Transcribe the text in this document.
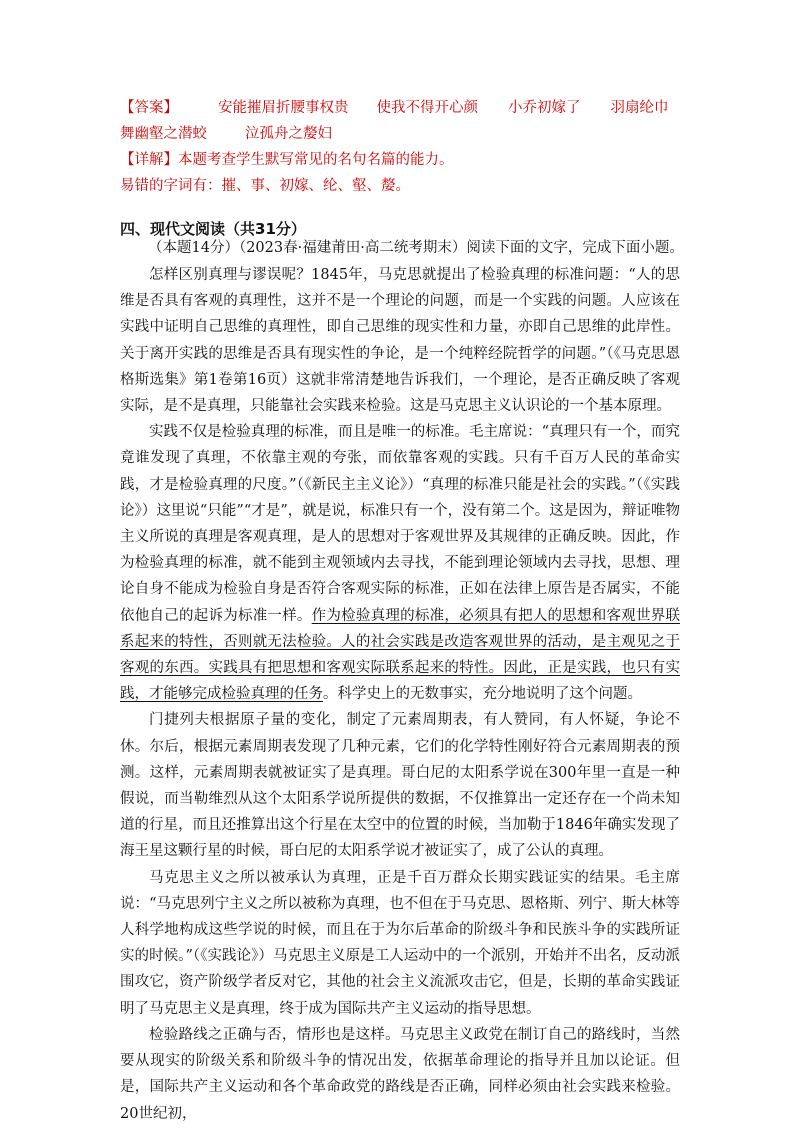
【答案】	安能摧眉折腰事权贵 使我不得开心颜 小乔初嫁了 羽扇纶巾
舞幽壑之潜蛟	泣孤舟之嫠妇
【详解】本题考查学生默写常见的名句名篇的能力。
易错的字词有：摧、事、初嫁、纶、壑、嫠。
四、现代文阅读（共31分）
（本题14分）（2023春·福建莆田·高二统考期末）阅读下面的文字，完成下面小题。

怎样区别真理与谬误呢？1845年，马克思就提出了检验真理的标准问题：“人的思维是否具有客观的真理性，这并不是一个理论的问题，而是一个实践的问题。人应该在实践中证明自己思维的真理性，即自己思维的现实性和力量，亦即自己思维的此岸性。关于离开实践的思维是否具有现实性的争论，是一个纯粹经院哲学的问题。”（《马克思恩格斯选集》第1卷第16页）这就非常清楚地告诉我们，一个理论，是否正确反映了客观实际，是不是真理，只能靠社会实践来检验。这是马克思主义认识论的一个基本原理。

实践不仅是检验真理的标准，而且是唯一的标准。毛主席说：“真理只有一个，而究竟谁发现了真理，不依靠主观的夸张，而依靠客观的实践。只有千百万人民的革命实践，才是检验真理的尺度。”（《新民主主义论》）“真理的标准只能是社会的实践。”（《实践论》）这里说“只能”“才是”，就是说，标准只有一个，没有第二个。这是因为，辩证唯物主义所说的真理是客观真理，是人的思想对于客观世界及其规律的正确反映。因此，作为检验真理的标准，就不能到主观领域内去寻找，不能到理论领域内去寻找，思想、理论自身不能成为检验自身是否符合客观实际的标准，正如在法律上原告是否属实，不能依他自己的起诉为标准一样。作为检验真理的标准，必须具有把人的思想和客观世界联系起来的特性，否则就无法检验。人的社会实践是改造客观世界的活动，是主观见之于客观的东西。实践具有把思想和客观实际联系起来的特性。因此，正是实践，也只有实践，才能够完成检验真理的任务。科学史上的无数事实，充分地说明了这个问题。

门捷列夫根据原子量的变化，制定了元素周期表，有人赞同，有人怀疑，争论不休。尔后，根据元素周期表发现了几种元素，它们的化学特性刚好符合元素周期表的预测。这样，元素周期表就被证实了是真理。哥白尼的太阳系学说在300年里一直是一种假说，而当勒维烈从这个太阳系学说所提供的数据，不仅推算出一定还存在一个尚未知道的行星，而且还推算出这个行星在太空中的位置的时候，当加勒于1846年确实发现了海王星这颗行星的时候，哥白尼的太阳系学说才被证实了，成了公认的真理。

马克思主义之所以被承认为真理，正是千百万群众长期实践证实的结果。毛主席说：“马克思列宁主义之所以被称为真理，也不但在于马克思、恩格斯、列宁、斯大林等人科学地构成这些学说的时候，而且在于为尔后革命的阶级斗争和民族斗争的实践所证实的时候。”（《实践论》）马克思主义原是工人运动中的一个派别，开始并不出名，反动派围攻它，资产阶级学者反对它，其他的社会主义流派攻击它，但是，长期的革命实践证明了马克思主义是真理，终于成为国际共产主义运动的指导思想。

检验路线之正确与否，情形也是这样。马克思主义政党在制订自己的路线时，当然要从现实的阶级关系和阶级斗争的情况出发，依据革命理论的指导并且加以论证。但是，国际共产主义运动和各个革命政党的路线是否正确，同样必须由社会实践来检验。20世纪初，
